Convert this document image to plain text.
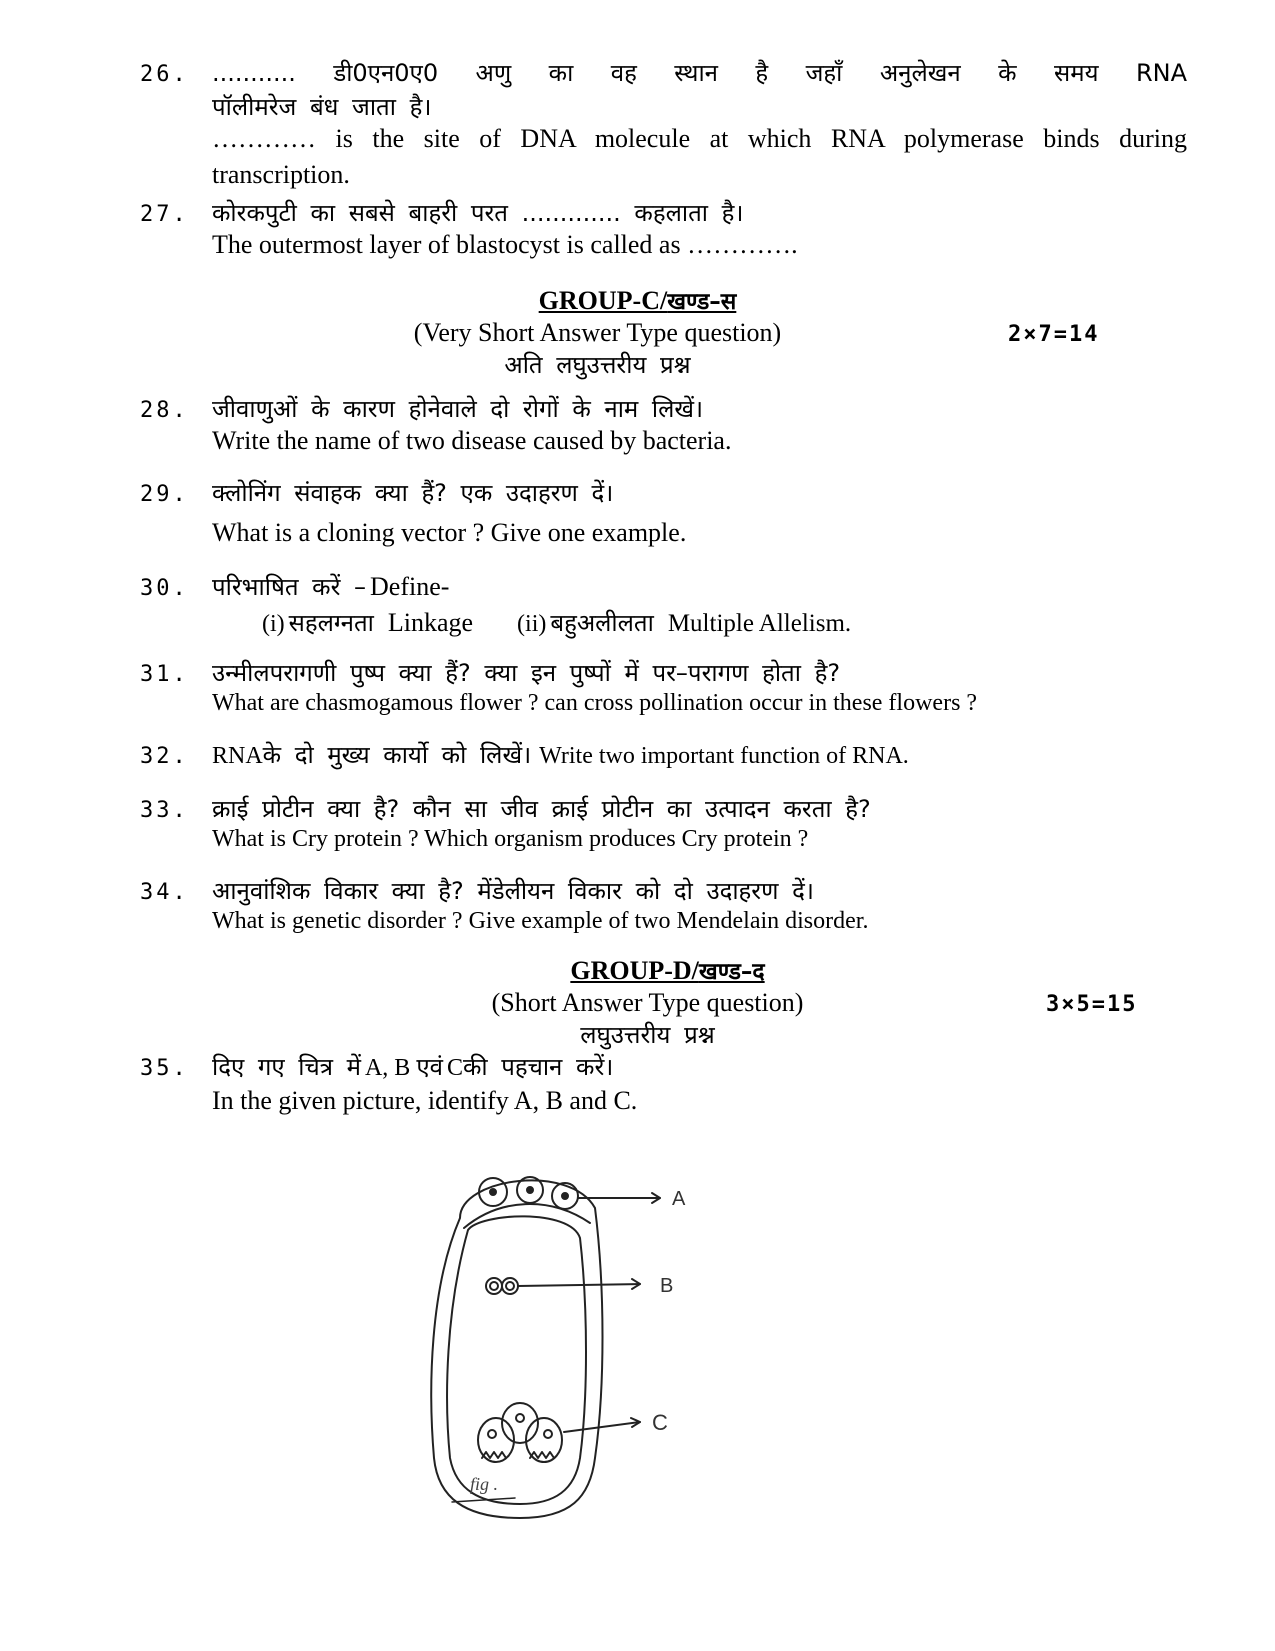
26. ........... डी0एन0ए0 अणु का वह स्थान है जहाँ अनुलेखन के समय RNA
पॉलीमरेज बंध जाता है।
………… is the site of DNA molecule at which RNA polymerase binds during
transcription.
27. कोरकपुटी का सबसे बाहरी परत ............. कहलाता है।
The outermost layer of blastocyst is called as ………….
GROUP-C/खण्ड–स
(Very Short Answer Type question)
अति लघुउत्तरीय प्रश्न
2×7=14
28. जीवाणुओं के कारण होनेवाले दो रोगों के नाम लिखें।
Write the name of two disease caused by bacteria.
29. क्लोनिंग संवाहक क्या हैं? एक उदाहरण दें।
What is a cloning vector ? Give one example.
30. परिभाषित करें – Define-
(i) सहलग्नता Linkage (ii) बहुअलीलता Multiple Allelism.
31. उन्मीलपरागणी पुष्प क्या हैं? क्या इन पुष्पों में पर–परागण होता है?
What are chasmogamous flower ? can cross pollination occur in these flowers ?
32. RNAके दो मुख्य कार्यो को लिखें। Write two important function of RNA.
33. क्राई प्रोटीन क्या है? कौन सा जीव क्राई प्रोटीन का उत्पादन करता है?
What is Cry protein ? Which organism produces Cry protein ?
34. आनुवांशिक विकार क्या है? मेंडेलीयन विकार को दो उदाहरण दें।
What is genetic disorder ? Give example of two Mendelain disorder.
GROUP-D/खण्ड–द
(Short Answer Type question)
लघुउत्तरीय प्रश्न
3×5=15
35. दिए गए चित्र में A, B एवं Cकी पहचान करें।
In the given picture, identify A, B and C.
A
B
C
fig .
